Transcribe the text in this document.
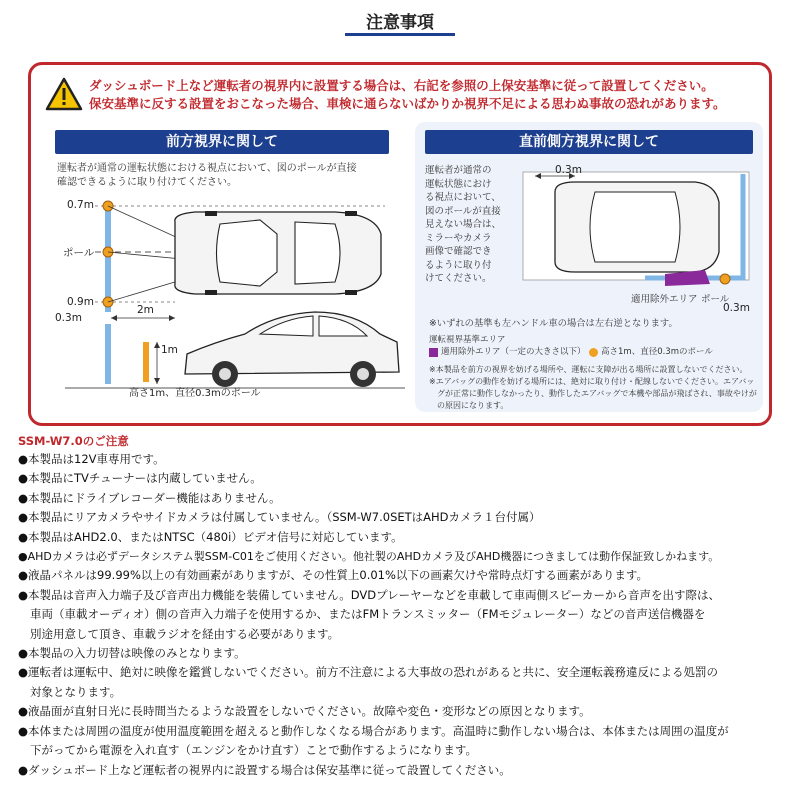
注意事項
ダッシュボード上など運転者の視界内に設置する場合は、右記を参照の上保安基準に従って設置してください。
保安基準に反する設置をおこなった場合、車検に通らないばかりか視界不足による思わぬ事故の恐れがあります。
前方視界に関して
運転者が通常の運転状態における視点において、図のポールが直接
確認できるように取り付けてください。
0.7m
ポール
0.9m
0.3m
2m
1m
高さ1m、直径0.3mのポール
直前側方視界に関して
運転者が通常の
運転状態におけ
る視点において、
図のポールが直接
見えない場合は、
ミラーやカメラ
画像で確認でき
るように取り付
けてください。
0.3m
適用除外エリア ポール
0.3m
※いずれの基準も左ハンドル車の場合は左右逆となります。
運転視界基準エリア
適用除外エリア（一定の大きさ以下） 高さ1m、直径0.3mのポール
※本製品を前方の視界を妨げる場所や、運転に支障が出る場所に設置しないでください。
※エアバッグの動作を妨げる場所には、絶対に取り付け・配線しないでください。エアバッ
グが正常に動作しなかったり、動作したエアバッグで本機や部品が飛ばされ、事故やけが
の原因になります。
SSM-W7.0のご注意
●本製品は12V車専用です。
●本製品にTVチューナーは内蔵していません。
●本製品にドライブレコーダー機能はありません。
●本製品にリアカメラやサイドカメラは付属していません。（SSM-W7.0SETはAHDカメラ１台付属）
●本製品はAHD2.0、またはNTSC（480i）ビデオ信号に対応しています。
●AHDカメラは必ずデータシステム製SSM-C01をご使用ください。他社製のAHDカメラ及びAHD機器につきましては動作保証致しかねます。
●液晶パネルは99.99%以上の有効画素がありますが、その性質上0.01%以下の画素欠けや常時点灯する画素があります。
●本製品は音声入力端子及び音声出力機能を装備していません。DVDプレーヤーなどを車載して車両側スピーカーから音声を出す際は、
車両（車載オーディオ）側の音声入力端子を使用するか、またはFMトランスミッター（FMモジュレーター）などの音声送信機器を
別途用意して頂き、車載ラジオを経由する必要があります。
●本製品の入力切替は映像のみとなります。
●運転者は運転中、絶対に映像を鑑賞しないでください。前方不注意による大事故の恐れがあると共に、安全運転義務違反による処罰の
対象となります。
●液晶面が直射日光に長時間当たるような設置をしないでください。故障や変色・変形などの原因となります。
●本体または周囲の温度が使用温度範囲を超えると動作しなくなる場合があります。高温時に動作しない場合は、本体または周囲の温度が
下がってから電源を入れ直す（エンジンをかけ直す）ことで動作するようになります。
●ダッシュボード上など運転者の視界内に設置する場合は保安基準に従って設置してください。
